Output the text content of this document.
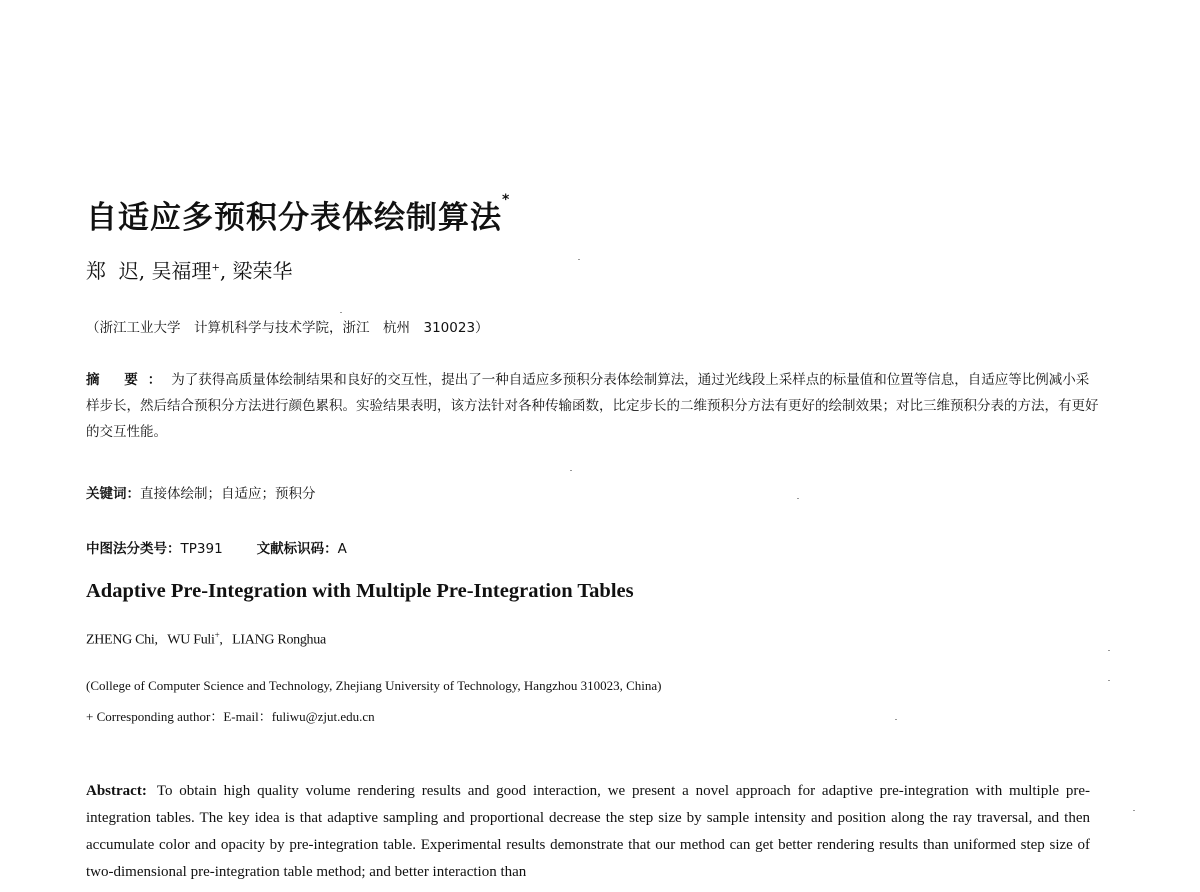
自适应多预积分表体绘制算法*
郑  迟, 吴福理+, 梁荣华
（浙江工业大学　计算机科学与技术学院，浙江　杭州　310023）
摘 要：为了获得高质量体绘制结果和良好的交互性，提出了一种自适应多预积分表体绘制算法，通过光线段上采样点的标量值和位置等信息，自适应等比例减小采样步长，然后结合预积分方法进行颜色累积。实验结果表明，该方法针对各种传输函数，比定步长的二维预积分方法有更好的绘制效果；对比三维预积分表的方法，有更好的交互性能。
关键词：直接体绘制；自适应；预积分
中图法分类号：TP391	文献标识码：A
Adaptive Pre-Integration with Multiple Pre-Integration Tables
ZHENG Chi, WU Fuli+,   LIANG Ronghua
(College of Computer Science and Technology, Zhejiang University of Technology, Hangzhou 310023, China)
+ Corresponding author：E-mail：fuliwu@zjut.edu.cn
Abstract: To obtain high quality volume rendering results and good interaction, we present a novel approach for adaptive pre-integration with multiple pre-integration tables. The key idea is that adaptive sampling and proportional decrease the step size by sample intensity and position along the ray traversal, and then accumulate color and opacity by pre-integration table. Experimental results demonstrate that our method can get better rendering results than uniformed step size of two-dimensional pre-integration table method; and better interaction than
